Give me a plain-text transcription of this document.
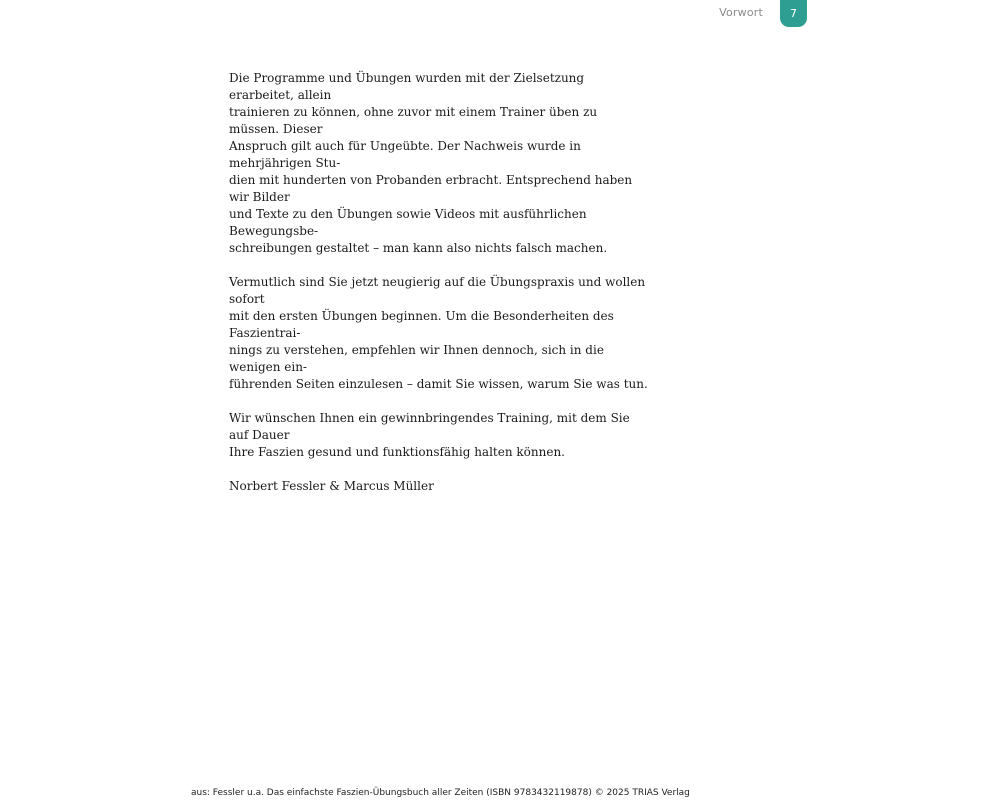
Vorwort	7

Die Programme und Übungen wurden mit der Zielsetzung erarbeitet, allein
trainieren zu können, ohne zuvor mit einem Trainer üben zu müssen. Dieser
Anspruch gilt auch für Ungeübte. Der Nachweis wurde in mehrjährigen Stu-
dien mit hunderten von Probanden erbracht. Entsprechend haben wir Bilder
und Texte zu den Übungen sowie Videos mit ausführlichen Bewegungsbe-
schreibungen gestaltet – man kann also nichts falsch machen.

Vermutlich sind Sie jetzt neugierig auf die Übungspraxis und wollen sofort
mit den ersten Übungen beginnen. Um die Besonderheiten des Faszientrai-
nings zu verstehen, empfehlen wir Ihnen dennoch, sich in die wenigen ein-
führenden Seiten einzulesen – damit Sie wissen, warum Sie was tun.

Wir wünschen Ihnen ein gewinnbringendes Training, mit dem Sie auf Dauer
Ihre Faszien gesund und funktionsfähig halten können.

Norbert Fessler & Marcus Müller

aus: Fessler u.a. Das einfachste Faszien-Übungsbuch aller Zeiten (ISBN 9783432119878) © 2025 TRIAS Verlag
